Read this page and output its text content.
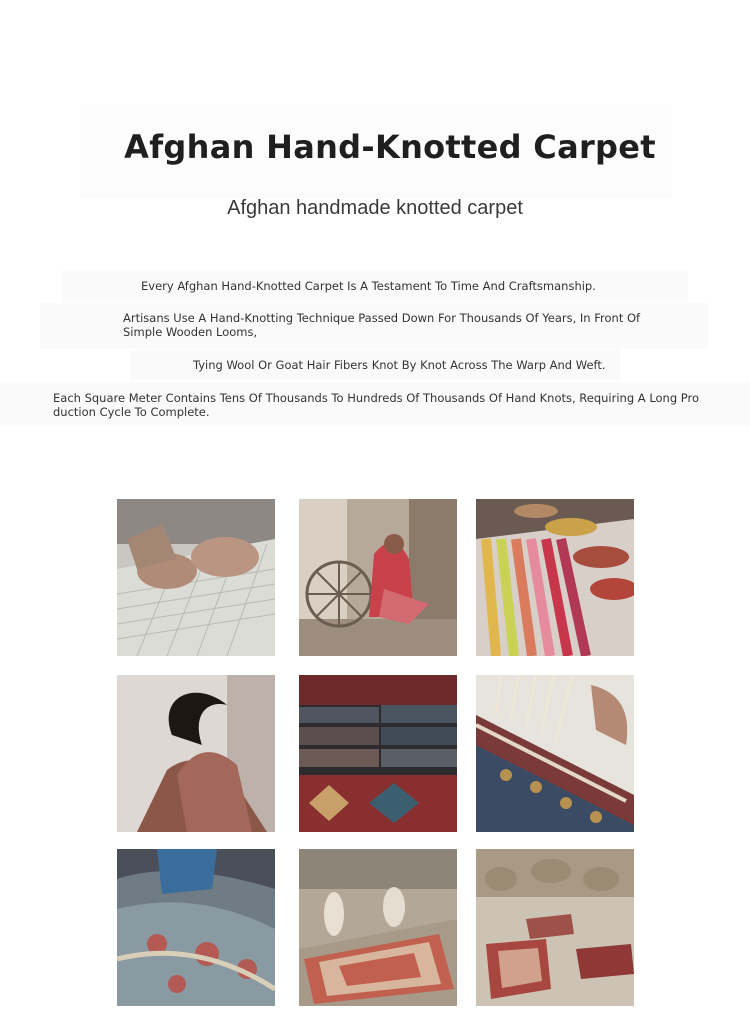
Afghan Hand-Knotted Carpet

Afghan handmade knotted carpet

Every Afghan Hand-Knotted Carpet Is A Testament To Time And Craftsmanship.

Artisans Use A Hand-Knotting Technique Passed Down For Thousands Of Years, In Front Of Simple Wooden Looms,

Tying Wool Or Goat Hair Fibers Knot By Knot Across The Warp And Weft.

Each Square Meter Contains Tens Of Thousands To Hundreds Of Thousands Of Hand Knots, Requiring A Long Production Cycle To Complete.
